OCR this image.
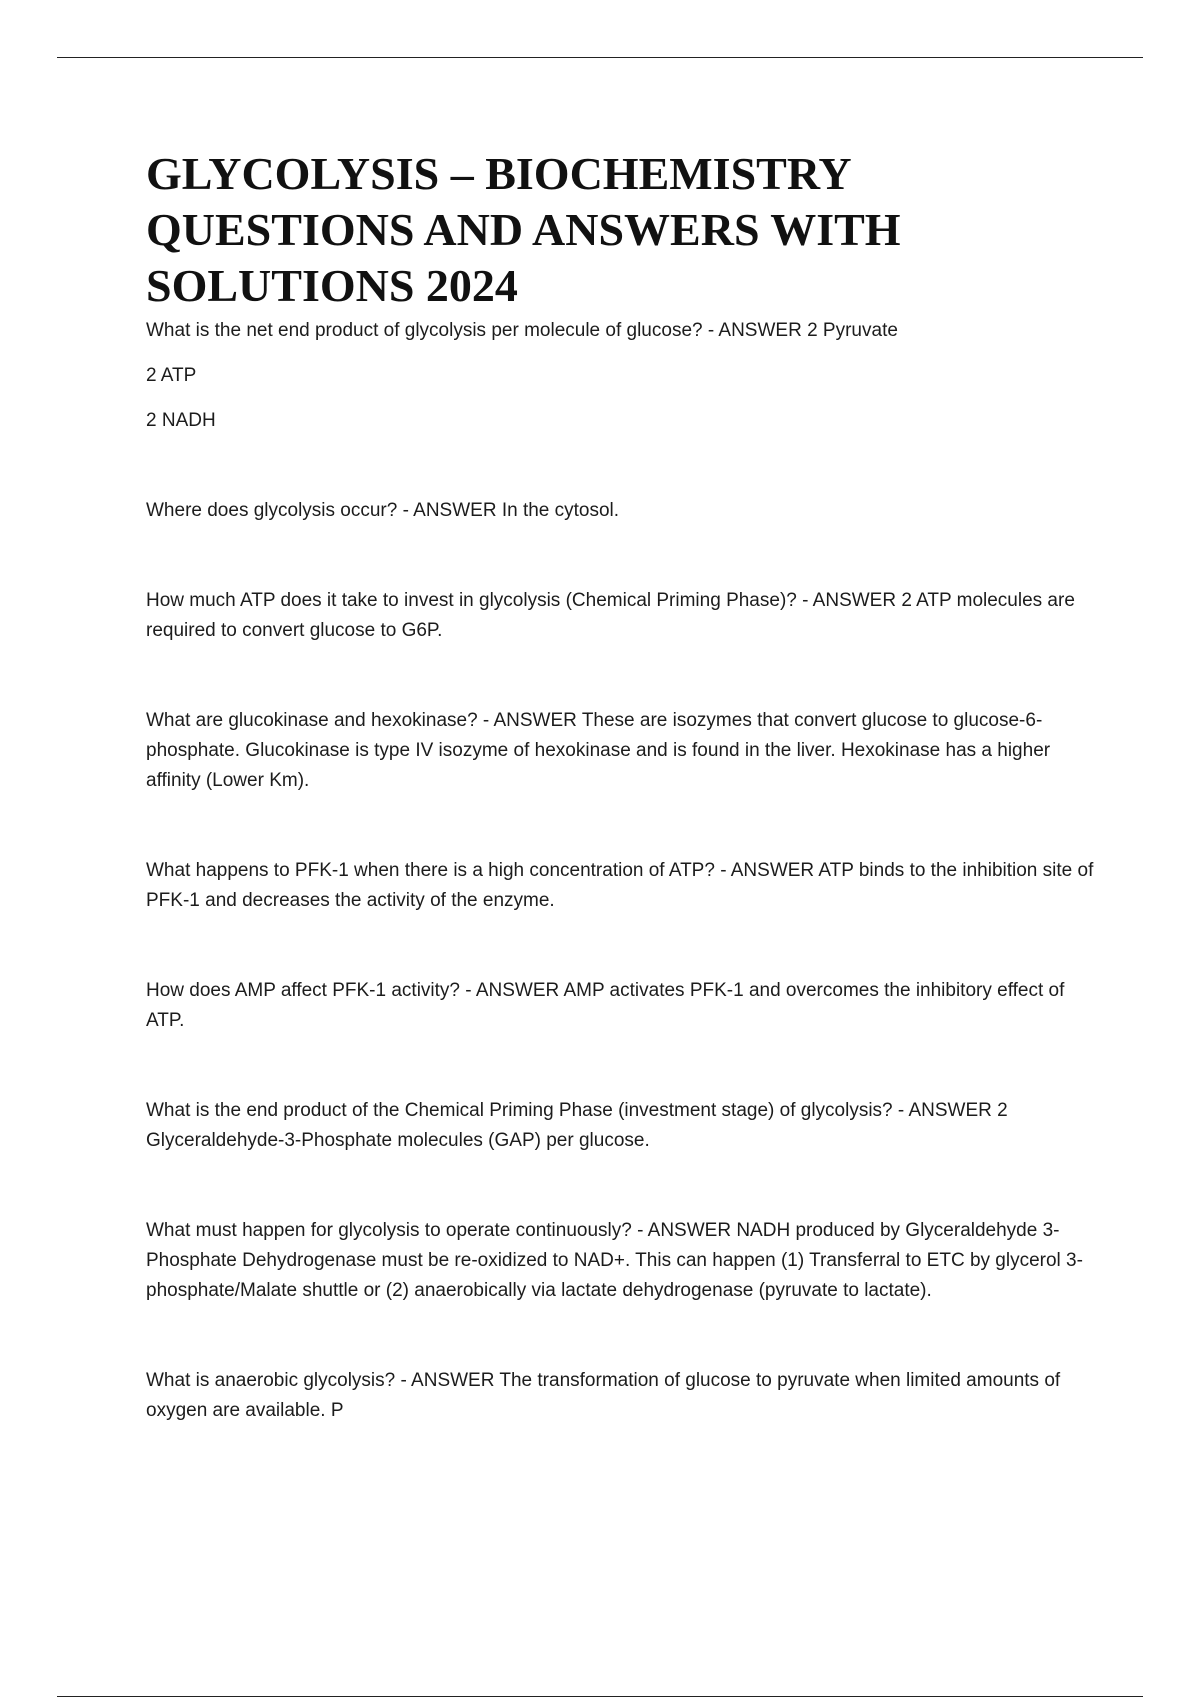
GLYCOLYSIS – BIOCHEMISTRY QUESTIONS AND ANSWERS WITH SOLUTIONS 2024

What is the net end product of glycolysis per molecule of glucose? - ANSWER 2 Pyruvate

2 ATP

2 NADH

Where does glycolysis occur? - ANSWER In the cytosol.

How much ATP does it take to invest in glycolysis (Chemical Priming Phase)? - ANSWER 2 ATP molecules are required to convert glucose to G6P.

What are glucokinase and hexokinase? - ANSWER These are isozymes that convert glucose to glucose-6-phosphate. Glucokinase is type IV isozyme of hexokinase and is found in the liver. Hexokinase has a higher affinity (Lower Km).

What happens to PFK-1 when there is a high concentration of ATP? - ANSWER ATP binds to the inhibition site of PFK-1 and decreases the activity of the enzyme.

How does AMP affect PFK-1 activity? - ANSWER AMP activates PFK-1 and overcomes the inhibitory effect of ATP.

What is the end product of the Chemical Priming Phase (investment stage) of glycolysis? - ANSWER 2 Glyceraldehyde-3-Phosphate molecules (GAP) per glucose.

What must happen for glycolysis to operate continuously? - ANSWER NADH produced by Glyceraldehyde 3-Phosphate Dehydrogenase must be re-oxidized to NAD+. This can happen (1) Transferral to ETC by glycerol 3-phosphate/Malate shuttle or (2) anaerobically via lactate dehydrogenase (pyruvate to lactate).

What is anaerobic glycolysis? - ANSWER The transformation of glucose to pyruvate when limited amounts of oxygen are available. P
